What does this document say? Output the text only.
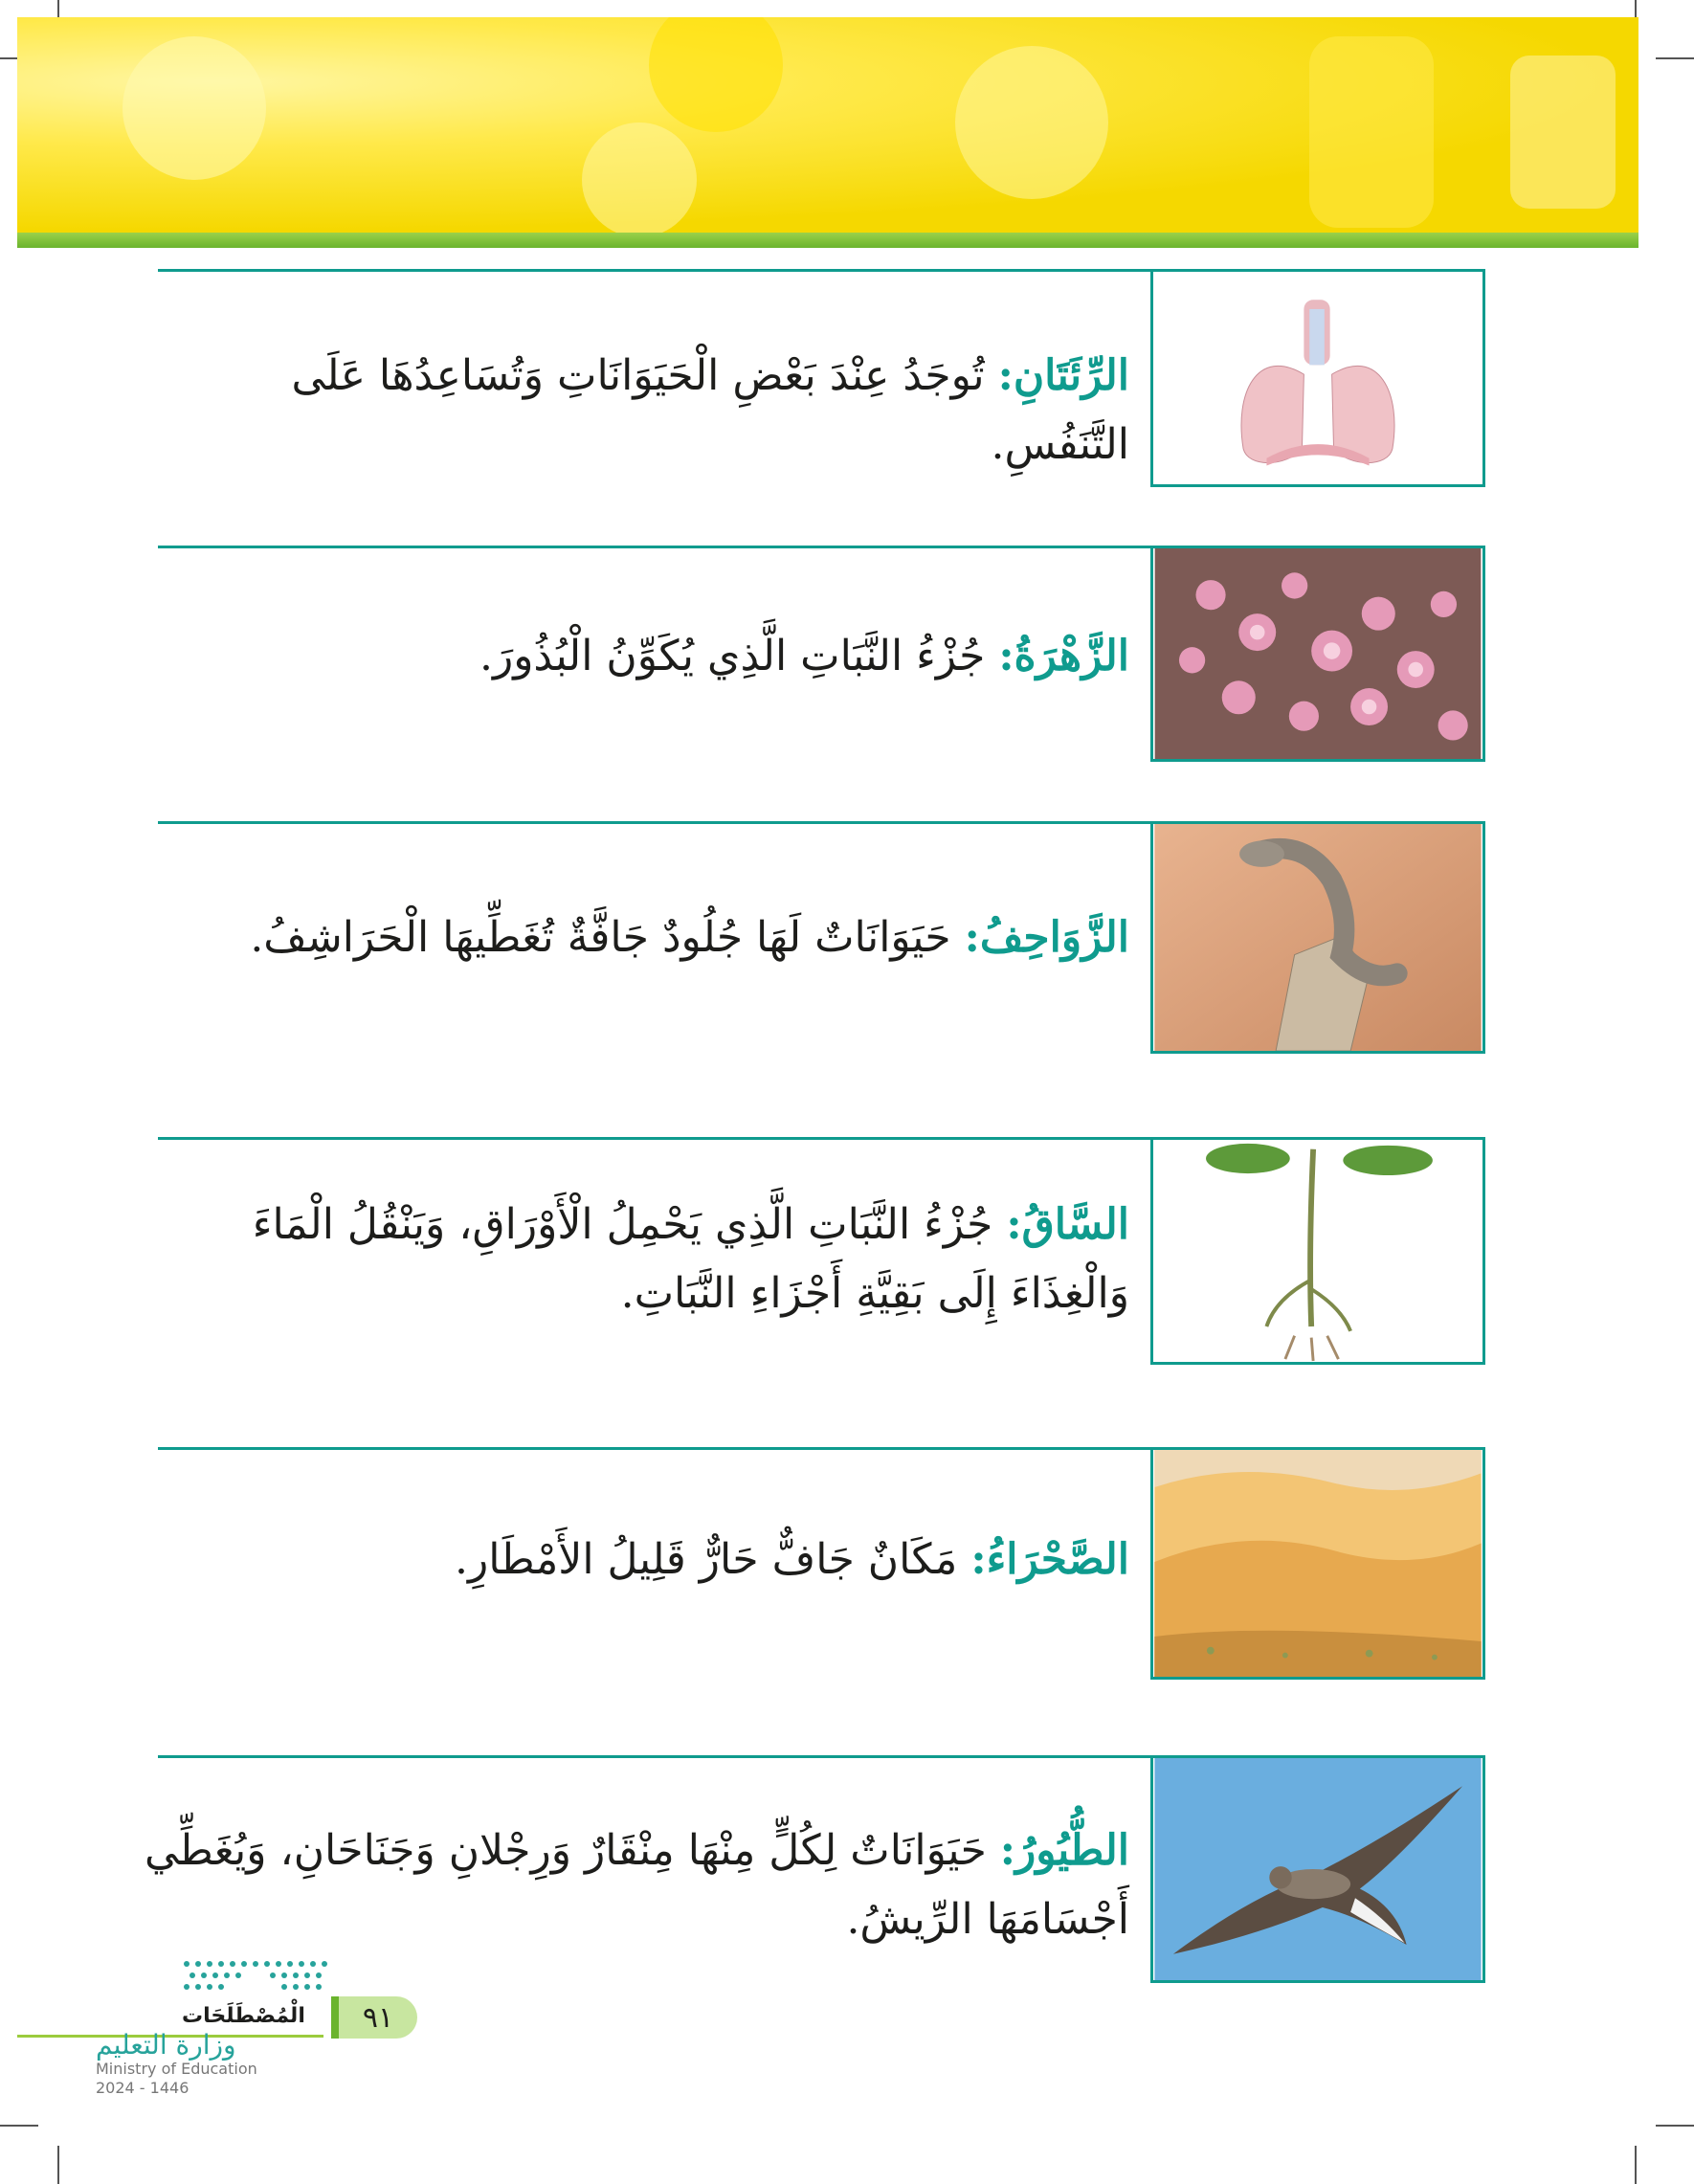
الرِّئَتَانِ: تُوجَدُ عِنْدَ بَعْضِ الْحَيَوَانَاتِ وَتُسَاعِدُهَا عَلَى التَّنَفُسِ.
الزَّهْرَةُ: جُزْءُ النَّبَاتِ الَّذِي يُكَوِّنُ الْبُذُورَ.
الزَّوَاحِفُ: حَيَوَانَاتٌ لَهَا جُلُودٌ جَافَّةٌ تُغَطِّيهَا الْحَرَاشِفُ.
السَّاقُ: جُزْءُ النَّبَاتِ الَّذِي يَحْمِلُ الْأَوْرَاقِ، وَيَنْقُلُ الْمَاءَ وَالْغِذَاءَ إِلَى بَقِيَّةِ أَجْزَاءِ النَّبَاتِ.
الصَّحْرَاءُ: مَكَانٌ جَافٌّ حَارٌّ قَلِيلُ الأَمْطَارِ.
الطُّيُورُ: حَيَوَانَاتٌ لِكُلٍّ مِنْهَا مِنْقَارٌ وَرِجْلانِ وَجَنَاحَانِ، وَيُغَطِّي أَجْسَامَهَا الرِّيشُ.
الْمُصْطَلَحَات	٩١
وزارة التعليم
Ministry of Education
2024 - 1446
